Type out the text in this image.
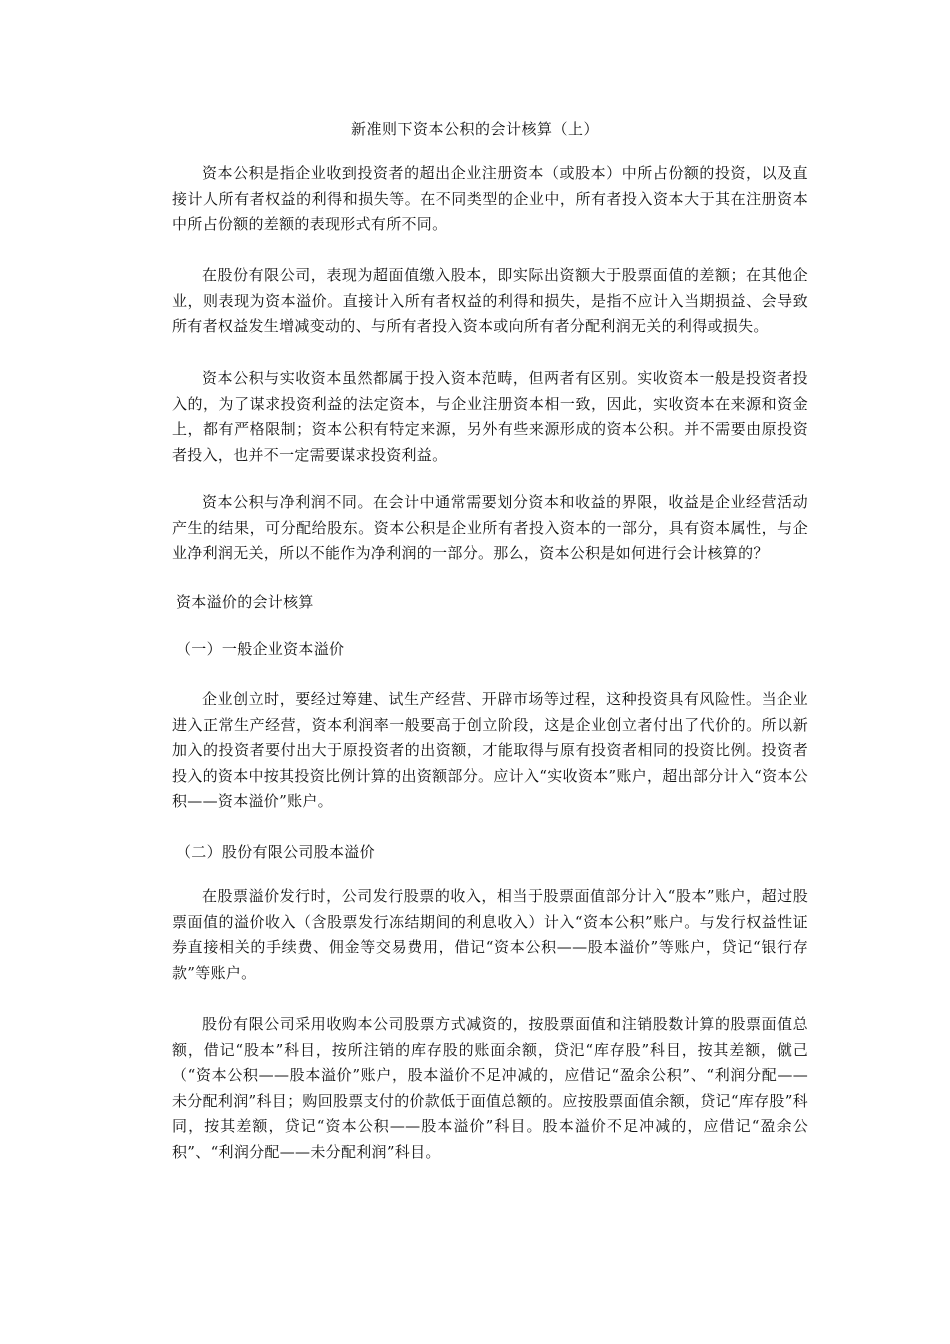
新准则下资本公积的会计核算（上）

资本公积是指企业收到投资者的超出企业注册资本（或股本）中所占份额的投资，以及直接计人所有者权益的利得和损失等。在不同类型的企业中，所有者投入资本大于其在注册资本中所占份额的差额的表现形式有所不同。

在股份有限公司，表现为超面值缴入股本，即实际出资额大于股票面值的差额；在其他企业，则表现为资本溢价。直接计入所有者权益的利得和损失，是指不应计入当期损益、会导致所有者权益发生增减变动的、与所有者投入资本或向所有者分配利润无关的利得或损失。

资本公积与实收资本虽然都属于投入资本范畴，但两者有区别。实收资本一般是投资者投入的，为了谋求投资利益的法定资本，与企业注册资本相一致，因此，实收资本在来源和资金上，都有严格限制；资本公积有特定来源，另外有些来源形成的资本公积。并不需要由原投资者投入，也并不一定需要谋求投资利益。

资本公积与净利润不同。在会计中通常需要划分资本和收益的界限，收益是企业经营活动产生的结果，可分配给股东。资本公积是企业所有者投入资本的一部分，具有资本属性，与企业净利润无关，所以不能作为净利润的一部分。那么，资本公积是如何进行会计核算的？

资本溢价的会计核算

（一）一般企业资本溢价

企业创立时，要经过筹建、试生产经营、开辟市场等过程，这种投资具有风险性。当企业进入正常生产经营，资本利润率一般要高于创立阶段，这是企业创立者付出了代价的。所以新加入的投资者要付出大于原投资者的出资额，才能取得与原有投资者相同的投资比例。投资者投入的资本中按其投资比例计算的出资额部分。应计入“实收资本”账户，超出部分计入“资本公积——资本溢价”账户。

（二）股份有限公司股本溢价

在股票溢价发行时，公司发行股票的收入，相当于股票面值部分计入“股本”账户，超过股票面值的溢价收入（含股票发行冻结期间的利息收入）计入“资本公积”账户。与发行权益性证券直接相关的手续费、佣金等交易费用，借记“资本公积——股本溢价”等账户，贷记“银行存款”等账户。

股份有限公司采用收购本公司股票方式减资的，按股票面值和注销股数计算的股票面值总额，借记“股本”科目，按所注销的库存股的账面余额，贷汜“库存股”科目，按其差额，僦己（“资本公积——股本溢价”账户，股本溢价不足冲减的，应借记“盈余公积”、“利润分配——未分配利润”科目；购回股票支付的价款低于面值总额的。应按股票面值余额，贷记“库存股”科同，按其差额，贷记“资本公积——股本溢价”科目。股本溢价不足冲减的，应借记“盈余公积”、“利润分配——未分配利润”科目。
